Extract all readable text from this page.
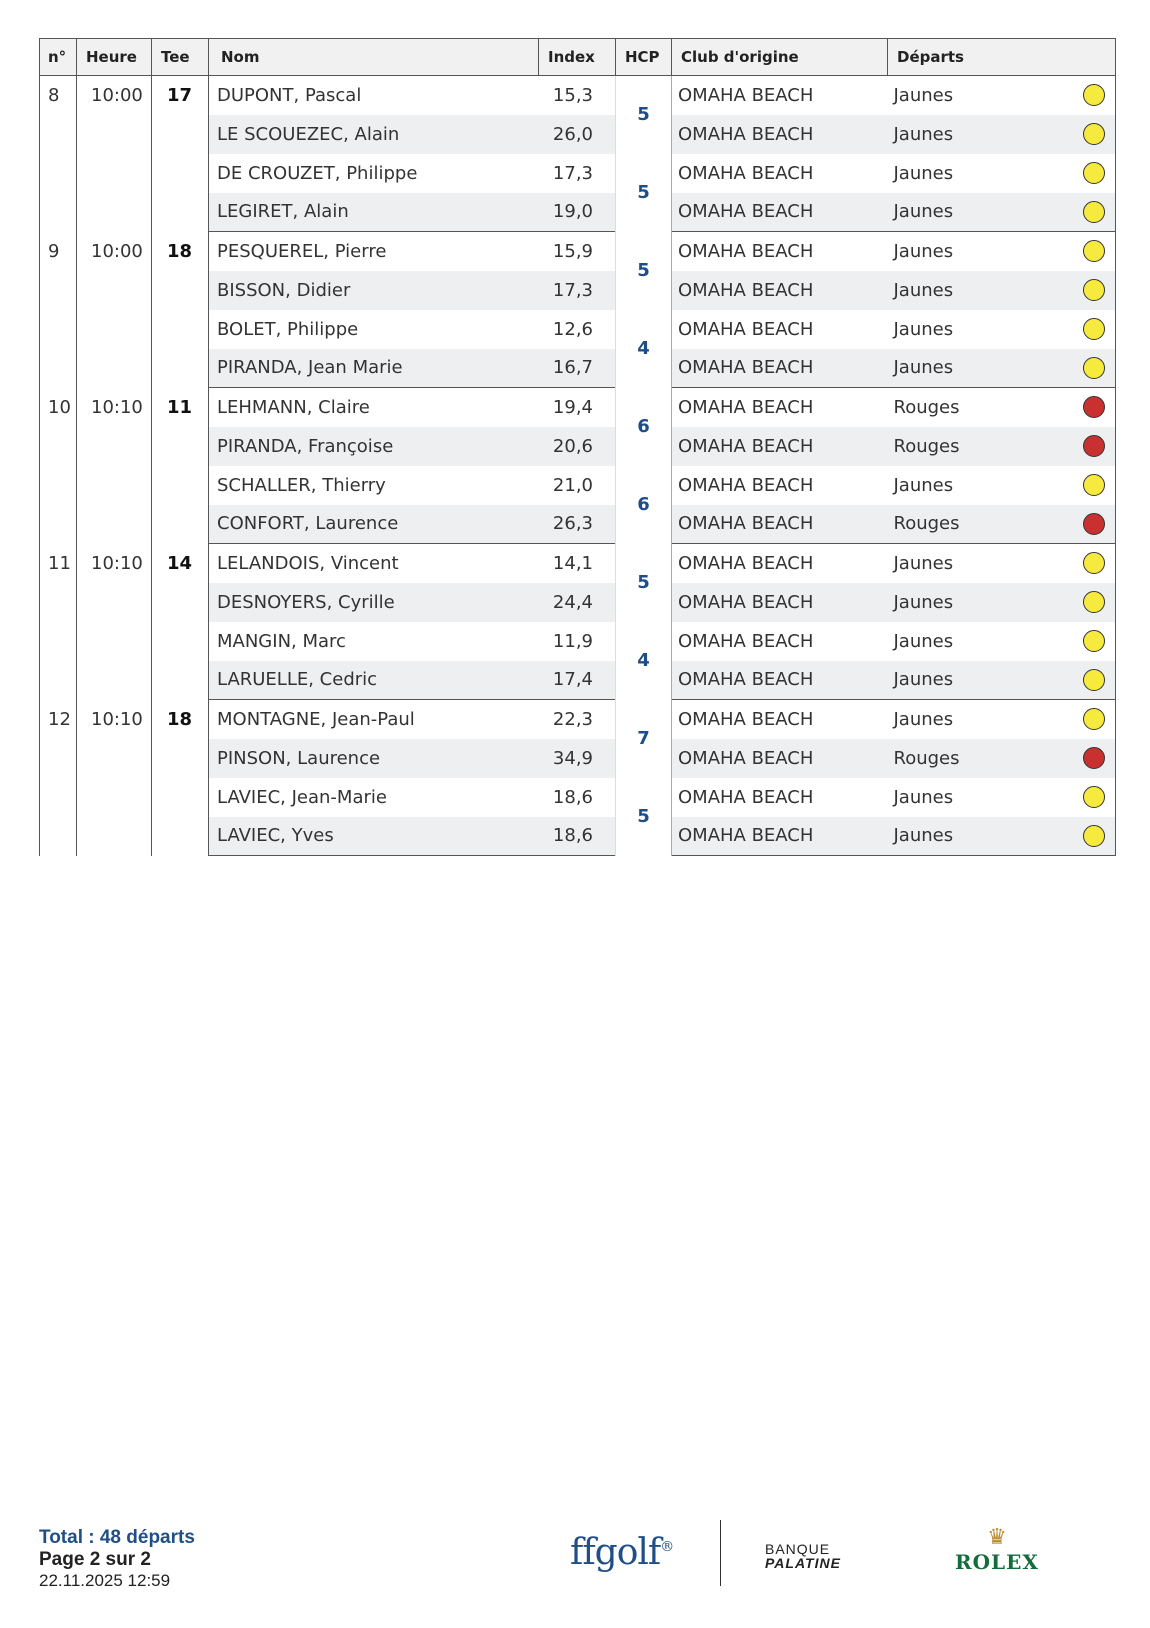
n°	Heure	Tee	Nom	Index	HCP	Club d'origine	Départs	
8	10:00	17	DUPONT, Pascal	15,3	5	OMAHA BEACH	Jaunes	
			LE SCOUEZEC, Alain	26,0		OMAHA BEACH	Jaunes	
			DE CROUZET, Philippe	17,3	5	OMAHA BEACH	Jaunes	
			LEGIRET, Alain	19,0		OMAHA BEACH	Jaunes	
9	10:00	18	PESQUEREL, Pierre	15,9	5	OMAHA BEACH	Jaunes	
			BISSON, Didier	17,3		OMAHA BEACH	Jaunes	
			BOLET, Philippe	12,6	4	OMAHA BEACH	Jaunes	
			PIRANDA, Jean Marie	16,7		OMAHA BEACH	Jaunes	
10	10:10	11	LEHMANN, Claire	19,4	6	OMAHA BEACH	Rouges	
			PIRANDA, Françoise	20,6		OMAHA BEACH	Rouges	
			SCHALLER, Thierry	21,0	6	OMAHA BEACH	Jaunes	
			CONFORT, Laurence	26,3		OMAHA BEACH	Rouges	
11	10:10	14	LELANDOIS, Vincent	14,1	5	OMAHA BEACH	Jaunes	
			DESNOYERS, Cyrille	24,4		OMAHA BEACH	Jaunes	
			MANGIN, Marc	11,9	4	OMAHA BEACH	Jaunes	
			LARUELLE, Cedric	17,4		OMAHA BEACH	Jaunes	
12	10:10	18	MONTAGNE, Jean-Paul	22,3	7	OMAHA BEACH	Jaunes	
			PINSON, Laurence	34,9		OMAHA BEACH	Rouges	
			LAVIEC, Jean-Marie	18,6	5	OMAHA BEACH	Jaunes	
			LAVIEC, Yves	18,6		OMAHA BEACH	Jaunes	
Total : 48 départs
Page 2 sur 2
22.11.2025 12:59
ffgolf®	BANQUE
PALATINE
♛
ROLEX
